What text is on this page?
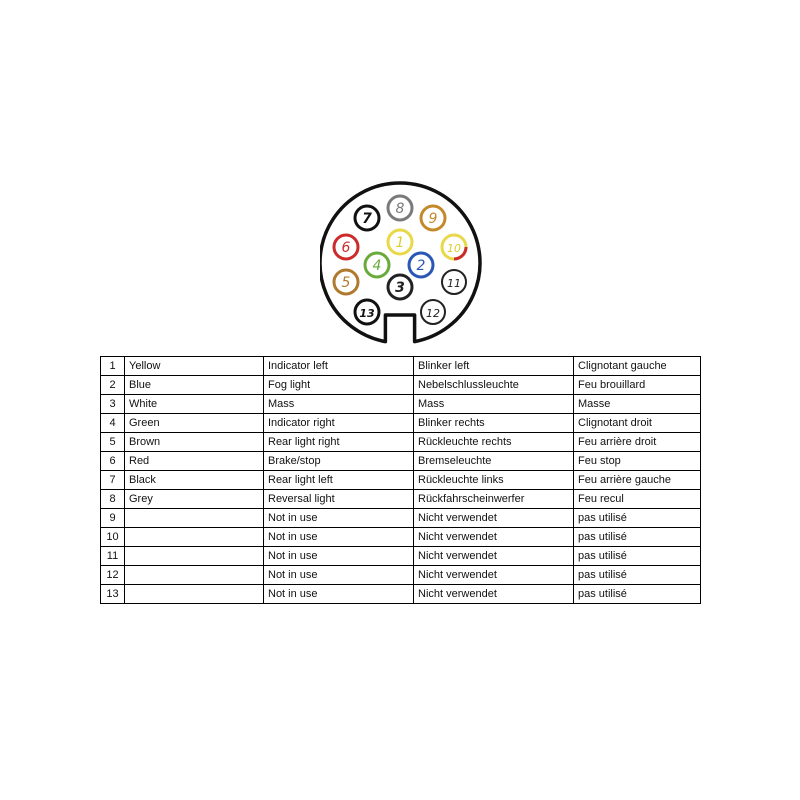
1
2
3
4
5
6
7
8
9
10
11
12
13
1	Yellow	Indicator left	Blinker left	Clignotant gauche
2	Blue	Fog light	Nebelschlussleuchte	Feu brouillard
3	White	Mass	Mass	Masse
4	Green	Indicator right	Blinker rechts	Clignotant droit
5	Brown	Rear light right	Rückleuchte rechts	Feu arrière droit
6	Red	Brake/stop	Bremseleuchte	Feu stop
7	Black	Rear light left	Rückleuchte links	Feu arrière gauche
8	Grey	Reversal light	Rückfahrscheinwerfer	Feu recul
9		Not in use	Nicht verwendet	pas utilisé
10		Not in use	Nicht verwendet	pas utilisé
11		Not in use	Nicht verwendet	pas utilisé
12		Not in use	Nicht verwendet	pas utilisé
13		Not in use	Nicht verwendet	pas utilisé
